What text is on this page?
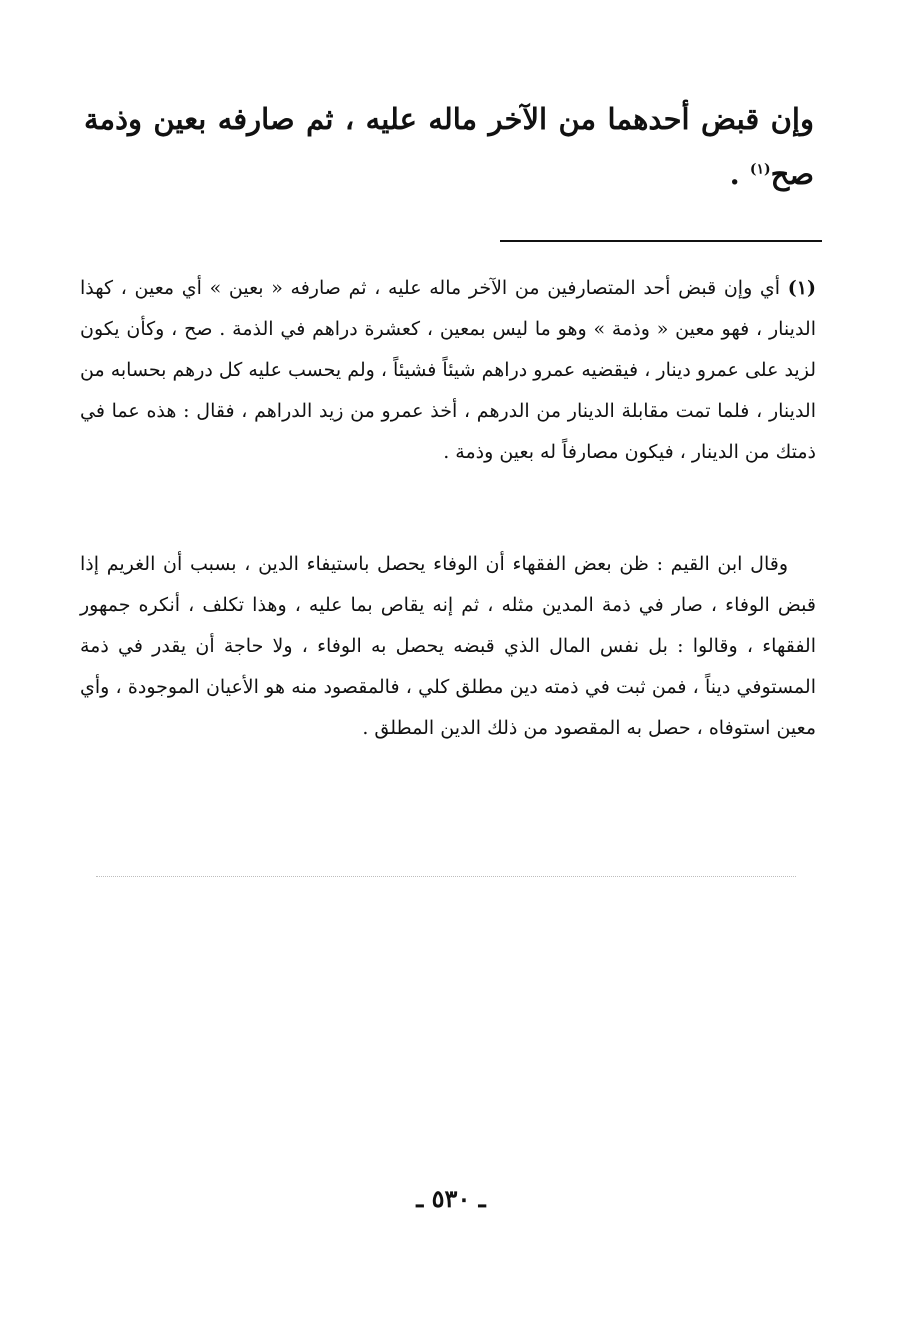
وإن قبض أحدهما من الآخر ماله عليه ، ثم صارفه بعين وذمة صح$^{(١)}$ .
(١) أي وإن قبض أحد المتصارفين من الآخر ماله عليه ، ثم صارفه « بعين » أي معين ، كهذا الدينار ، فهو معين « وذمة » وهو ما ليس بمعين ، كعشرة دراهم في الذمة . صح ، وكأن يكون لزيد على عمرو دينار ، فيقضيه عمرو دراهم شيئاً فشيئاً ، ولم يحسب عليه كل درهم بحسابه من الدينار ، فلما تمت مقابلة الدينار من الدرهم ، أخذ عمرو من زيد الدراهم ، فقال : هذه عما في ذمتك من الدينار ، فيكون مصارفاً له بعين وذمة .
وقال ابن القيم : ظن بعض الفقهاء أن الوفاء يحصل باستيفاء الدين ، بسبب أن الغريم إذا قبض الوفاء ، صار في ذمة المدين مثله ، ثم إنه يقاص بما عليه ، وهذا تكلف ، أنكره جمهور الفقهاء ، وقالوا : بل نفس المال الذي قبضه يحصل به الوفاء ، ولا حاجة أن يقدر في ذمة المستوفي ديناً ، فمن ثبت في ذمته دين مطلق كلي ، فالمقصود منه هو الأعيان الموجودة ، وأي معين استوفاه ، حصل به المقصود من ذلك الدين المطلق .
ـ ٥٣٠ ـ
